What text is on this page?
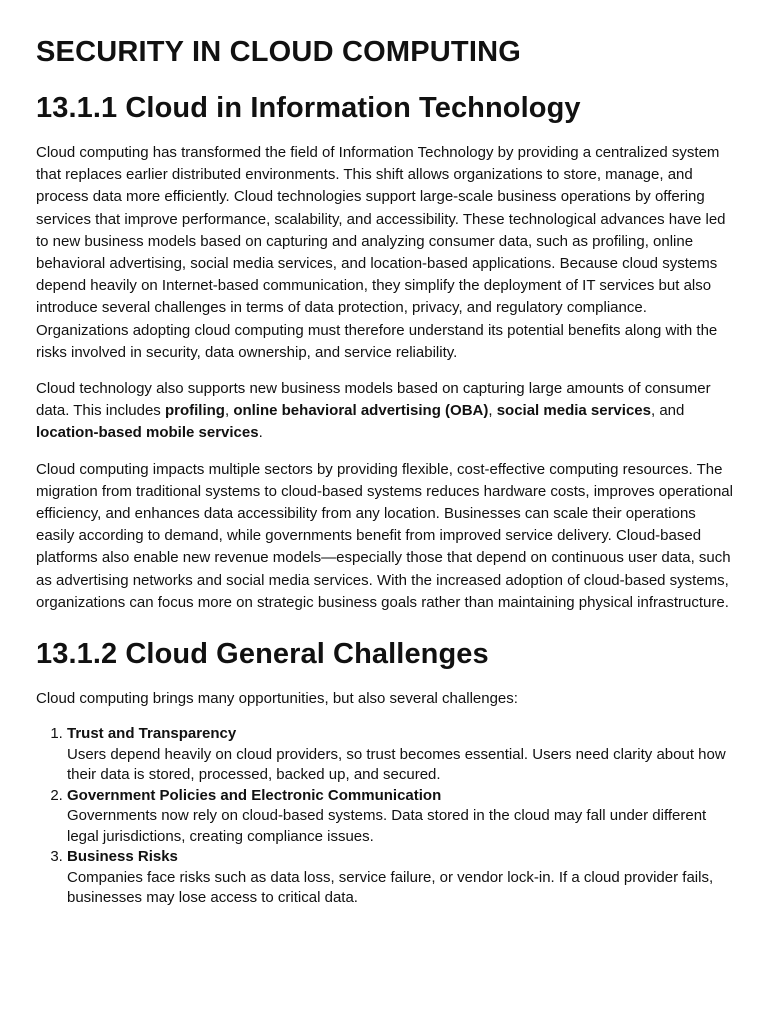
SECURITY IN CLOUD COMPUTING
13.1.1 Cloud in Information Technology

Cloud computing has transformed the field of Information Technology by providing a centralized system that replaces earlier distributed environments. This shift allows organizations to store, manage, and process data more efficiently. Cloud technologies support large-scale business operations by offering services that improve performance, scalability, and accessibility. These technological advances have led to new business models based on capturing and analyzing consumer data, such as profiling, online behavioral advertising, social media services, and location-based applications. Because cloud systems depend heavily on Internet-based communication, they simplify the deployment of IT services but also introduce several challenges in terms of data protection, privacy, and regulatory compliance. Organizations adopting cloud computing must therefore understand its potential benefits along with the risks involved in security, data ownership, and service reliability.

Cloud technology also supports new business models based on capturing large amounts of consumer data. This includes profiling, online behavioral advertising (OBA), social media services, and location-based mobile services.

Cloud computing impacts multiple sectors by providing flexible, cost-effective computing resources. The migration from traditional systems to cloud-based systems reduces hardware costs, improves operational efficiency, and enhances data accessibility from any location. Businesses can scale their operations easily according to demand, while governments benefit from improved service delivery. Cloud-based platforms also enable new revenue models—especially those that depend on continuous user data, such as advertising networks and social media services. With the increased adoption of cloud-based systems, organizations can focus more on strategic business goals rather than maintaining physical infrastructure.

13.1.2 Cloud General Challenges

Cloud computing brings many opportunities, but also several challenges:

1. Trust and Transparency
Users depend heavily on cloud providers, so trust becomes essential. Users need clarity about how their data is stored, processed, backed up, and secured.
2. Government Policies and Electronic Communication
Governments now rely on cloud-based systems. Data stored in the cloud may fall under different legal jurisdictions, creating compliance issues.
3. Business Risks
Companies face risks such as data loss, service failure, or vendor lock-in. If a cloud provider fails, businesses may lose access to critical data.
